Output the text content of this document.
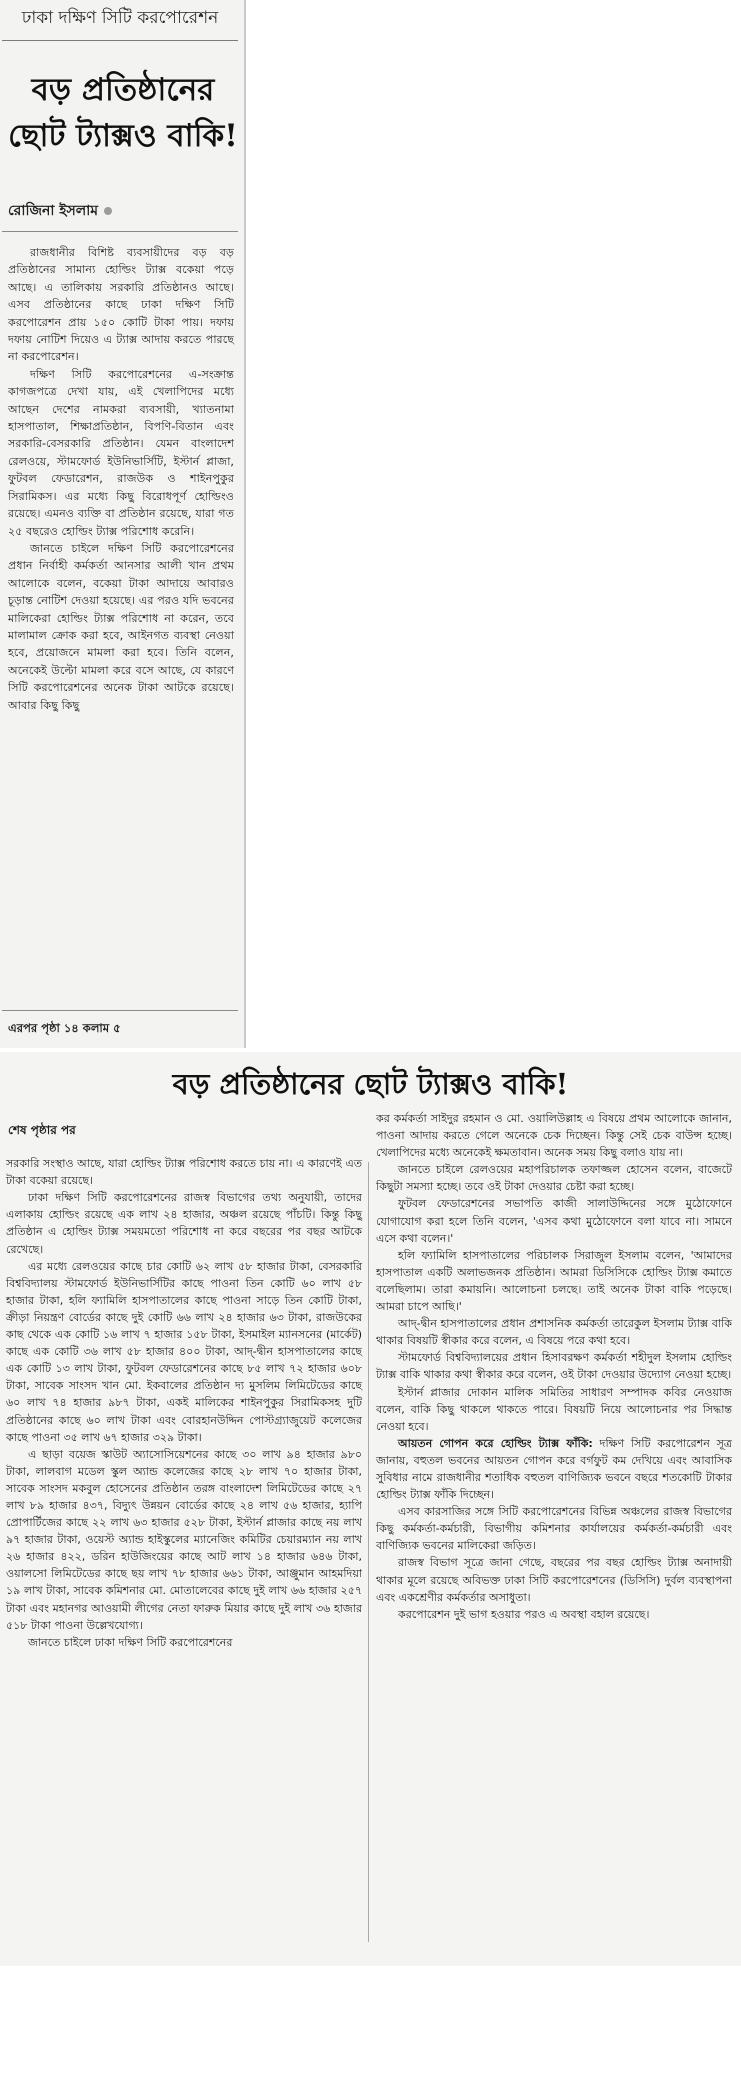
ঢাকা দক্ষিণ সিটি করপোরেশন
বড় প্রতিষ্ঠানের ছোট ট্যাক্সও বাকি!
রোজিনা ইসলাম

রাজধানীর বিশিষ্ট ব্যবসায়ীদের বড় বড় প্রতিষ্ঠানের সামান্য হোল্ডিং ট্যাক্স বকেয়া পড়ে আছে। এ তালিকায় সরকারি প্রতিষ্ঠানও আছে। এসব প্রতিষ্ঠানের কাছে ঢাকা দক্ষিণ সিটি করপোরেশন প্রায় ১৫০ কোটি টাকা পায়। দফায় দফায় নোটিশ দিয়েও এ ট্যাক্স আদায় করতে পারছে না করপোরেশন।

দক্ষিণ সিটি করপোরেশনের এ-সংক্রান্ত কাগজপত্রে দেখা যায়, এই খেলাপিদের মধ্যে আছেন দেশের নামকরা ব্যবসায়ী, খ্যাতনামা হাসপাতাল, শিক্ষাপ্রতিষ্ঠান, বিপণি-বিতান এবং সরকারি-বেসরকারি প্রতিষ্ঠান। যেমন বাংলাদেশ রেলওয়ে, স্টামফোর্ড ইউনিভার্সিটি, ইস্টার্ন প্লাজা, ফুটবল ফেডারেশন, রাজউক ও শাইনপুকুর সিরামিকস। এর মধ্যে কিছু বিরোধপূর্ণ হোল্ডিংও রয়েছে। এমনও ব্যক্তি বা প্রতিষ্ঠান রয়েছে, যারা গত ২৫ বছরেও হোল্ডিং ট্যাক্স পরিশোধ করেনি।

জানতে চাইলে দক্ষিণ সিটি করপোরেশনের প্রধান নির্বাহী কর্মকর্তা আনসার আলী খান প্রথম আলোকে বলেন, বকেয়া টাকা আদায়ে আবারও চূড়ান্ত নোটিশ দেওয়া হয়েছে। এর পরও যদি ভবনের মালিকেরা হোল্ডিং ট্যাক্স পরিশোধ না করেন, তবে মালামাল ক্রোক করা হবে, আইনগত ব্যবস্থা নেওয়া হবে, প্রয়োজনে মামলা করা হবে। তিনি বলেন, অনেকেই উল্টো মামলা করে বসে আছে, যে কারণে সিটি করপোরেশনের অনেক টাকা আটকে রয়েছে। আবার কিছু কিছু

এরপর পৃষ্ঠা ১৪ কলাম ৫
বড় প্রতিষ্ঠানের ছোট ট্যাক্সও বাকি!
শেষ পৃষ্ঠার পর

সরকারি সংস্থাও আছে, যারা হোল্ডিং ট্যাক্স পরিশোধ করতে চায় না। এ কারণেই এত টাকা বকেয়া রয়েছে।

ঢাকা দক্ষিণ সিটি করপোরেশনের রাজস্ব বিভাগের তথ্য অনুযায়ী, তাদের এলাকায় হোল্ডিং রয়েছে এক লাখ ২৪ হাজার, অঞ্চল রয়েছে পাঁচটি। কিন্তু কিছু প্রতিষ্ঠান এ হোল্ডিং ট্যাক্স সময়মতো পরিশোধ না করে বছরের পর বছর আটকে রেখেছে।

এর মধ্যে রেলওয়ের কাছে চার কোটি ৬২ লাখ ৫৮ হাজার টাকা, বেসরকারি বিশ্ববিদ্যালয় স্টামফোর্ড ইউনিভার্সিটির কাছে পাওনা তিন কোটি ৬০ লাখ ৫৮ হাজার টাকা, হলি ফ্যামিলি হাসপাতালের কাছে পাওনা সাড়ে তিন কোটি টাকা, ক্রীড়া নিয়ন্ত্রণ বোর্ডের কাছে দুই কোটি ৬৬ লাখ ২৪ হাজার ৬৩ টাকা, রাজউকের কাছ থেকে এক কোটি ১৬ লাখ ৭ হাজার ১৫৮ টাকা, ইসমাইল ম্যানসনের (মার্কেট) কাছে এক কোটি ৩৬ লাখ ৫৮ হাজার ৪০০ টাকা, আদ্-দ্বীন হাসপাতালের কাছে এক কোটি ১৩ লাখ টাকা, ফুটবল ফেডারেশনের কাছে ৮৫ লাখ ৭২ হাজার ৬০৮ টাকা, সাবেক সাংসদ খান মো. ইকবালের প্রতিষ্ঠান দ্য মুসলিম লিমিটেডের কাছে ৬০ লাখ ৭৪ হাজার ৯৮৭ টাকা, একই মালিকের শাইনপুকুর সিরামিকসহ দুটি প্রতিষ্ঠানের কাছে ৬০ লাখ টাকা এবং বোরহানউদ্দিন পোস্টগ্র্যাজুয়েট কলেজের কাছে পাওনা ৩৫ লাখ ৬৭ হাজার ৩২৯ টাকা।

এ ছাড়া বয়েজ স্কাউট অ্যাসোসিয়েশনের কাছে ৩০ লাখ ৯৪ হাজার ৯৮০ টাকা, লালবাগ মডেল স্কুল অ্যান্ড কলেজের কাছে ২৮ লাখ ৭০ হাজার টাকা, সাবেক সাংসদ মকবুল হোসেনের প্রতিষ্ঠান তরঙ্গ বাংলাদেশ লিমিটেডের কাছে ২৭ লাখ ৮৯ হাজার ৪৩৭, বিদ্যুৎ উন্নয়ন বোর্ডের কাছে ২৪ লাখ ৫৬ হাজার, হ্যাপি প্রোপার্টিজের কাছে ২২ লাখ ৬৩ হাজার ৫২৮ টাকা, ইস্টার্ন প্লাজার কাছে নয় লাখ ৯৭ হাজার টাকা, ওয়েস্ট অ্যান্ড হাইস্কুলের ম্যানেজিং কমিটির চেয়ারম্যান নয় লাখ ২৬ হাজার ৪২২, ডরিন হাউজিংয়ের কাছে আট লাখ ১৪ হাজার ৬৪৬ টাকা, ওয়ালসো লিমিটেডের কাছে ছয় লাখ ৭৮ হাজার ৬৬১ টাকা, আঞ্জুমান আহমদিয়া ১৯ লাখ টাকা, সাবেক কমিশনার মো. মোতালেবের কাছে দুই লাখ ৬৬ হাজার ২৫৭ টাকা এবং মহানগর আওয়ামী লীগের নেতা ফারুক মিয়ার কাছে দুই লাখ ৩৬ হাজার ৫১৮ টাকা পাওনা উল্লেখযোগ্য।

জানতে চাইলে ঢাকা দক্ষিণ সিটি করপোরেশনের

কর কর্মকর্তা সাইদুর রহমান ও মো. ওয়ালিউল্লাহ এ বিষয়ে প্রথম আলোকে জানান, পাওনা আদায় করতে গেলে অনেকে চেক দিচ্ছেন। কিন্তু সেই চেক বাউন্স হচ্ছে। খেলাপিদের মধ্যে অনেকেই ক্ষমতাবান। অনেক সময় কিছু বলাও যায় না।

জানতে চাইলে রেলওয়ের মহাপরিচালক তফাজ্জল হোসেন বলেন, বাজেটে কিছুটা সমস্যা হচ্ছে। তবে ওই টাকা দেওয়ার চেষ্টা করা হচ্ছে।

ফুটবল ফেডারেশনের সভাপতি কাজী সালাউদ্দিনের সঙ্গে মুঠোফোনে যোগাযোগ করা হলে তিনি বলেন, 'এসব কথা মুঠোফোনে বলা যাবে না। সামনে এসে কথা বলেন।'

হলি ফ্যামিলি হাসপাতালের পরিচালক সিরাজুল ইসলাম বলেন, 'আমাদের হাসপাতাল একটি অলাভজনক প্রতিষ্ঠান। আমরা ডিসিসিকে হোল্ডিং ট্যাক্স কমাতে বলেছিলাম। তারা কমায়নি। আলোচনা চলছে। তাই অনেক টাকা বাকি পড়েছে। আমরা চাপে আছি।'

আদ্-দ্বীন হাসপাতালের প্রধান প্রশাসনিক কর্মকর্তা তারেকুল ইসলাম ট্যাক্স বাকি থাকার বিষয়টি স্বীকার করে বলেন, এ বিষয়ে পরে কথা হবে।

স্টামফোর্ড বিশ্ববিদ্যালয়ের প্রধান হিসাবরক্ষণ কর্মকর্তা শহীদুল ইসলাম হোল্ডিং ট্যাক্স বাকি থাকার কথা স্বীকার করে বলেন, ওই টাকা দেওয়ার উদ্যোগ নেওয়া হচ্ছে।

ইস্টার্ন প্লাজার দোকান মালিক সমিতির সাধারণ সম্পাদক কবির নেওয়াজ বলেন, বাকি কিছু থাকলে থাকতে পারে। বিষয়টি নিয়ে আলোচনার পর সিদ্ধান্ত নেওয়া হবে।

আয়তন গোপন করে হোল্ডিং ট্যাক্স ফাঁকি: দক্ষিণ সিটি করপোরেশন সূত্র জানায়, বহুতল ভবনের আয়তন গোপন করে বর্গফুট কম দেখিয়ে এবং আবাসিক সুবিধার নামে রাজধানীর শতাধিক বহুতল বাণিজ্যিক ভবনে বছরে শতকোটি টাকার হোল্ডিং ট্যাক্স ফাঁকি দিচ্ছেন।

এসব কারসাজির সঙ্গে সিটি করপোরেশনের বিভিন্ন অঞ্চলের রাজস্ব বিভাগের কিছু কর্মকর্তা-কর্মচারী, বিভাগীয় কমিশনার কার্যালয়ের কর্মকর্তা-কর্মচারী এবং বাণিজ্যিক ভবনের মালিকেরা জড়িত।

রাজস্ব বিভাগ সূত্রে জানা গেছে, বছরের পর বছর হোল্ডিং ট্যাক্স অনাদায়ী থাকার মূলে রয়েছে অবিভক্ত ঢাকা সিটি করপোরেশনের (ডিসিসি) দুর্বল ব্যবস্থাপনা এবং একশ্রেণীর কর্মকর্তার অসাধুতা।

করপোরেশন দুই ভাগ হওয়ার পরও এ অবস্থা বহাল রয়েছে।
